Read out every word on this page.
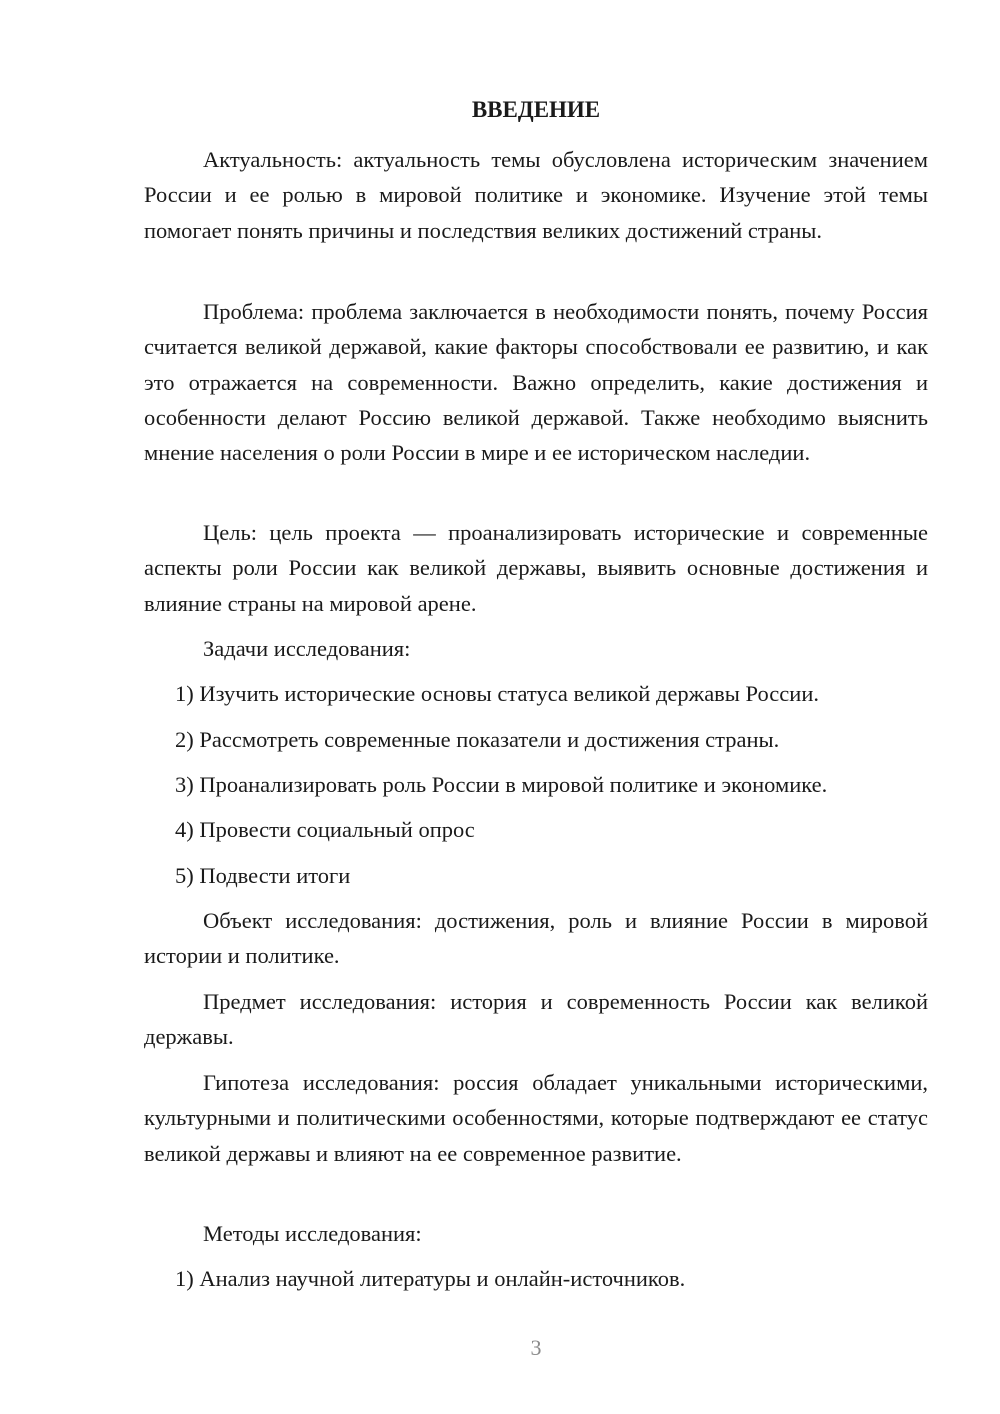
ВВЕДЕНИЕ

Актуальность: актуальность темы обусловлена историческим значением России и ее ролью в мировой политике и экономике. Изучение этой темы помогает понять причины и последствия великих достижений страны.

Проблема: проблема заключается в необходимости понять, почему Россия считается великой державой, какие факторы способствовали ее развитию, и как это отражается на современности. Важно определить, какие достижения и особенности делают Россию великой державой. Также необходимо выяснить мнение населения о роли России в мире и ее историческом наследии.

Цель: цель проекта — проанализировать исторические и современные аспекты роли России как великой державы, выявить основные достижения и влияние страны на мировой арене.

Задачи исследования:

1) Изучить исторические основы статуса великой державы России.

2) Рассмотреть современные показатели и достижения страны.

3) Проанализировать роль России в мировой политике и экономике.

4) Провести социальный опрос

5) Подвести итоги

Объект исследования: достижения, роль и влияние России в мировой истории и политике.

Предмет исследования: история и современность России как великой державы.

Гипотеза исследования: россия обладает уникальными историческими, культурными и политическими особенностями, которые подтверждают ее статус великой державы и влияют на ее современное развитие.

Методы исследования:

1) Анализ научной литературы и онлайн-источников.

3
